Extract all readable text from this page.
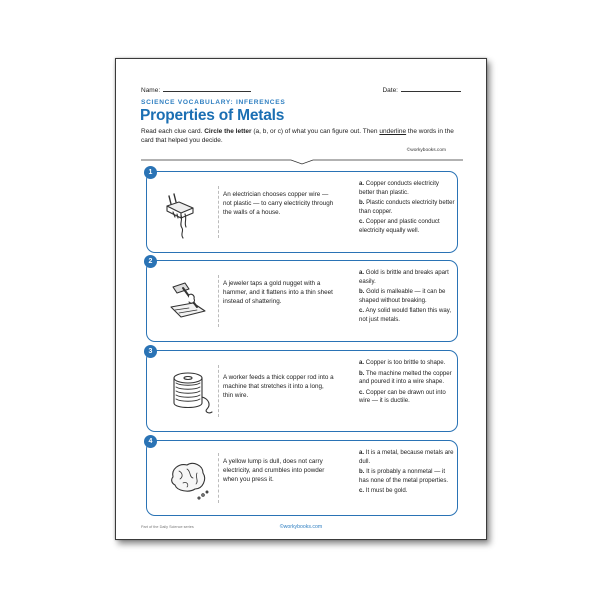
Name:	Date:
SCIENCE VOCABULARY: INFERENCES
Properties of Metals
Read each clue card. Circle the letter (a, b, or c) of what you can figure out. Then underline the words in the card that helped you decide.
©workybooks.com
1
An electrician chooses copper wire — not plastic — to carry electricity through the walls of a house.
a. Copper conducts electricity better than plastic.
b. Plastic conducts electricity better than copper.
c. Copper and plastic conduct electricity equally well.
2
A jeweler taps a gold nugget with a hammer, and it flattens into a thin sheet instead of shattering.
a. Gold is brittle and breaks apart easily.
b. Gold is malleable — it can be shaped without breaking.
c. Any solid would flatten this way, not just metals.
3
A worker feeds a thick copper rod into a machine that stretches it into a long, thin wire.
a. Copper is too brittle to shape.
b. The machine melted the copper and poured it into a wire shape.
c. Copper can be drawn out into wire — it is ductile.
4
A yellow lump is dull, does not carry electricity, and crumbles into powder when you press it.
a. It is a metal, because metals are dull.
b. It is probably a nonmetal — it has none of the metal properties.
c. It must be gold.
Part of the Daily Science series	©workybooks.com
